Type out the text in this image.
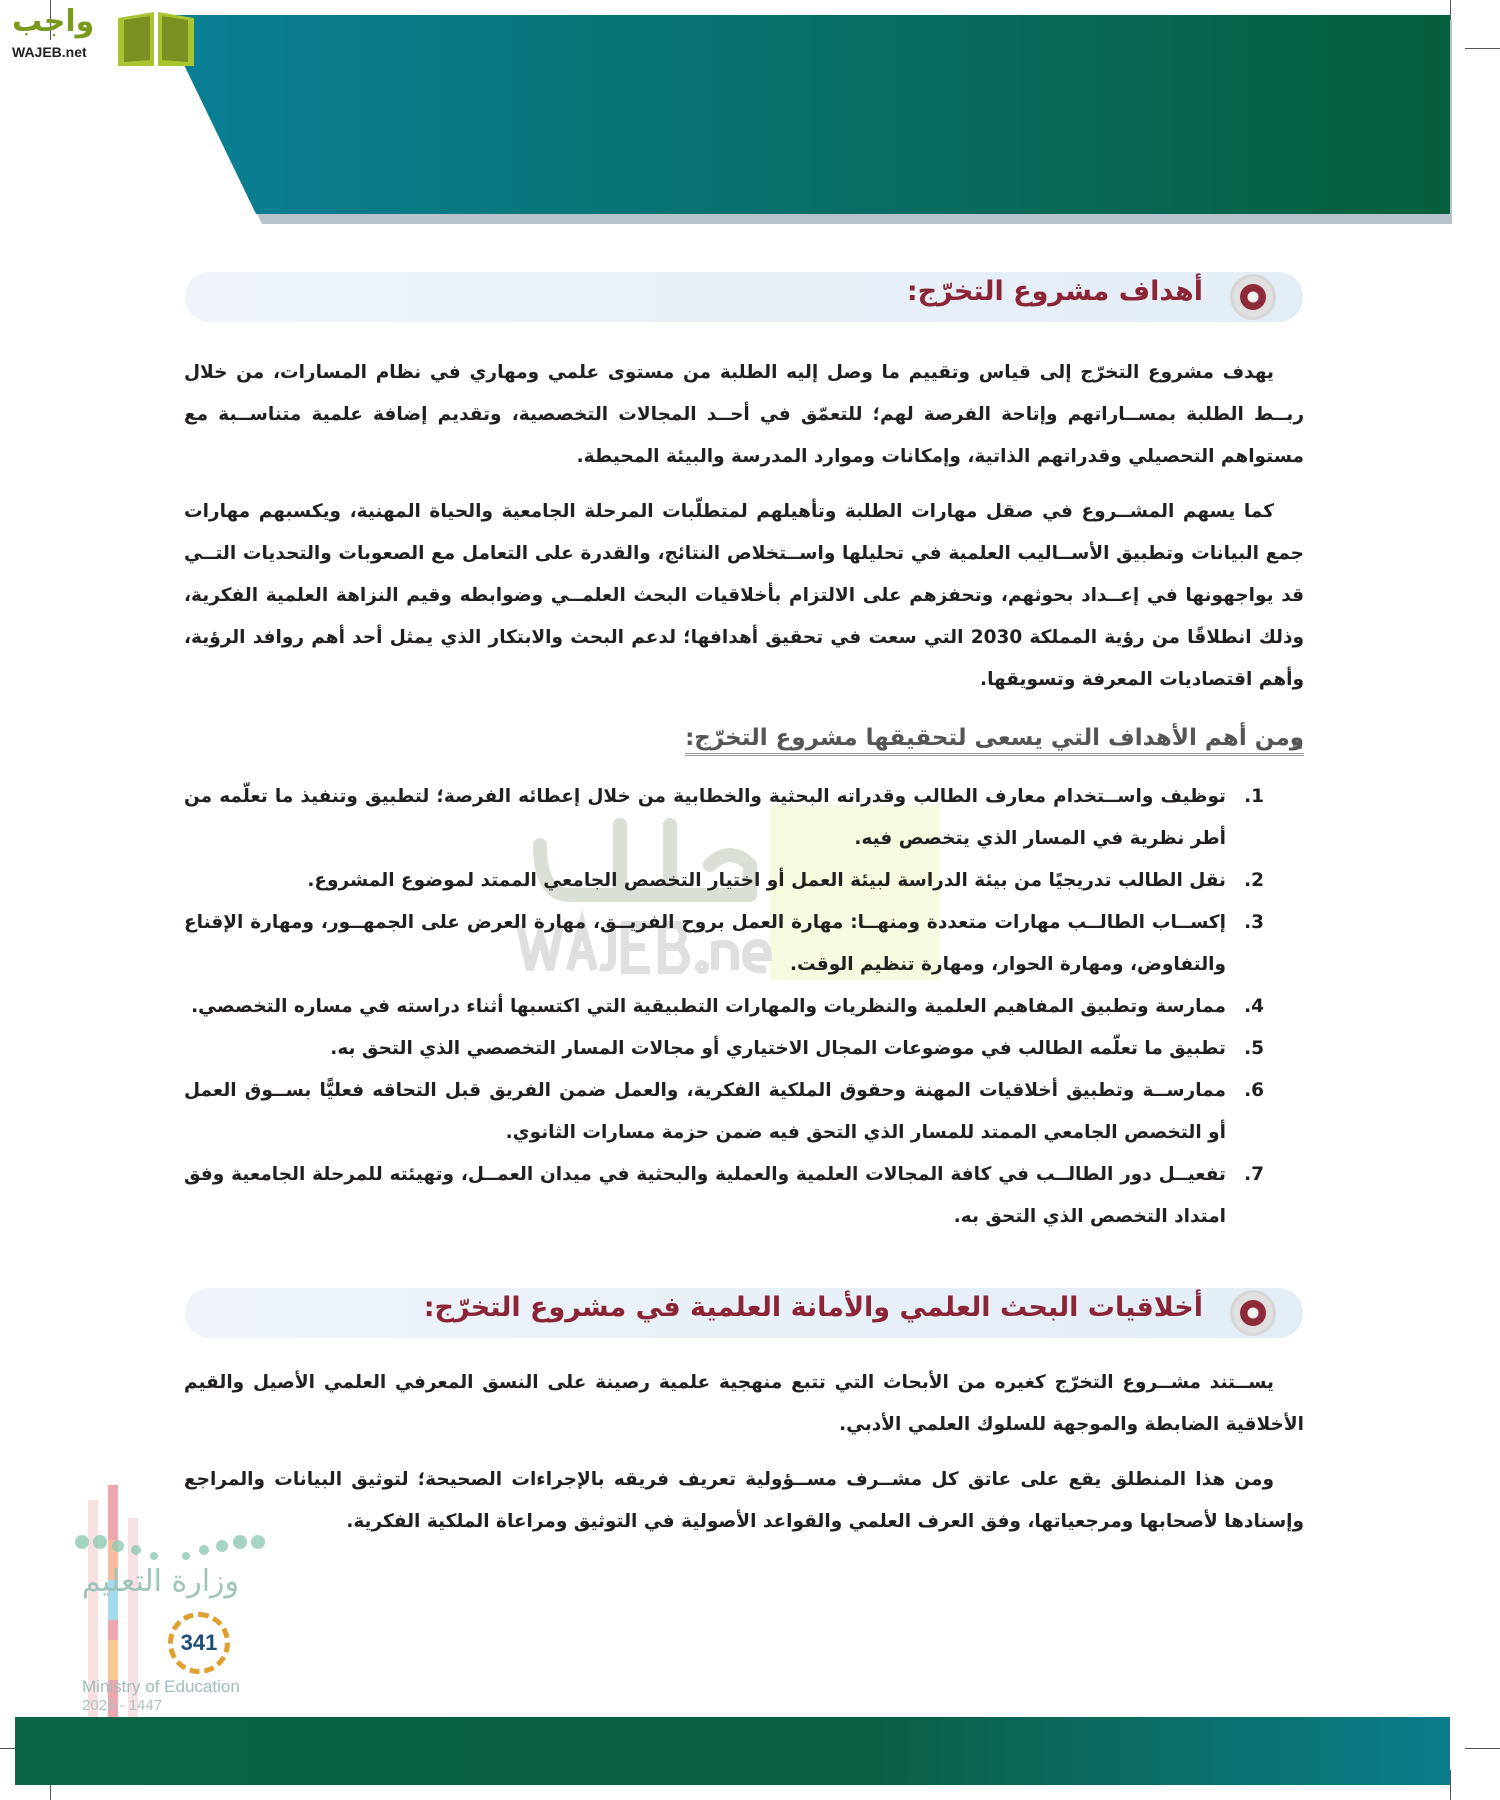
واجب
WAJEB.net
أهداف مشروع التخرّج:

يهدف مشروع التخرّج إلى قياس وتقييم ما وصل إليه الطلبة من مستوى علمي ومهاري في نظام المسارات، من خلال ربــط الطلبة بمســاراتهم وإتاحة الفرصة لهم؛ للتعمّق في أحــد المجالات التخصصية، وتقديم إضافة علمية متناســبة مع مستواهم التحصيلي وقدراتهم الذاتية، وإمكانات وموارد المدرسة والبيئة المحيطة.

كما يسهم المشــروع في صقل مهارات الطلبة وتأهيلهم لمتطلّبات المرحلة الجامعية والحياة المهنية، ويكسبهم مهارات جمع البيانات وتطبيق الأســاليب العلمية في تحليلها واســتخلاص النتائج، والقدرة على التعامل مع الصعوبات والتحديات التــي قد يواجهونها في إعــداد بحوثهم، وتحفزهم على الالتزام بأخلاقيات البحث العلمــي وضوابطه وقيم النزاهة العلمية الفكرية، وذلك انطلاقًا من رؤية المملكة 2030 التي سعت في تحقيق أهدافها؛ لدعم البحث والابتكار الذي يمثل أحد أهم روافد الرؤية، وأهم اقتصاديات المعرفة وتسويقها.

ومن أهم الأهداف التي يسعى لتحقيقها مشروع التخرّج:
1.
توظيف واســتخدام معارف الطالب وقدراته البحثية والخطابية من خلال إعطائه الفرصة؛ لتطبيق وتنفيذ ما تعلّمه من أطر نظرية في المسار الذي يتخصص فيه.
2.
نقل الطالب تدريجيًا من بيئة الدراسة لبيئة العمل أو اختيار التخصص الجامعي الممتد لموضوع المشروع.
3.
إكســاب الطالــب مهارات متعددة ومنهــا: مهارة العمل بروح الفريــق، مهارة العرض على الجمهــور، ومهارة الإقناع والتفاوض، ومهارة الحوار، ومهارة تنظيم الوقت.
4.
ممارسة وتطبيق المفاهيم العلمية والنظريات والمهارات التطبيقية التي اكتسبها أثناء دراسته في مساره التخصصي.
5.
تطبيق ما تعلّمه الطالب في موضوعات المجال الاختياري أو مجالات المسار التخصصي الذي التحق به.
6.
ممارســة وتطبيق أخلاقيات المهنة وحقوق الملكية الفكرية، والعمل ضمن الفريق قبل التحاقه فعليًّا بســوق العمل أو التخصص الجامعي الممتد للمسار الذي التحق فيه ضمن حزمة مسارات الثانوي.
7.
تفعيــل دور الطالــب في كافة المجالات العلمية والعملية والبحثية في ميدان العمــل، وتهيئته للمرحلة الجامعية وفق امتداد التخصص الذي التحق به.
أخلاقيات البحث العلمي والأمانة العلمية في مشروع التخرّج:

يســتند مشــروع التخرّج كغيره من الأبحاث التي تتبع منهجية علمية رصينة على النسق المعرفي العلمي الأصيل والقيم الأخلاقية الضابطة والموجهة للسلوك العلمي الأدبي.

ومن هذا المنطلق يقع على عاتق كل مشــرف مســؤولية تعريف فريقه بالإجراءات الصحيحة؛ لتوثيق البيانات والمراجع وإسنادها لأصحابها ومرجعياتها، وفق العرف العلمي والقواعد الأصولية في التوثيق ومراعاة الملكية الفكرية.

وزارة التعليم
341
Ministry of Education
2025 - 1447
